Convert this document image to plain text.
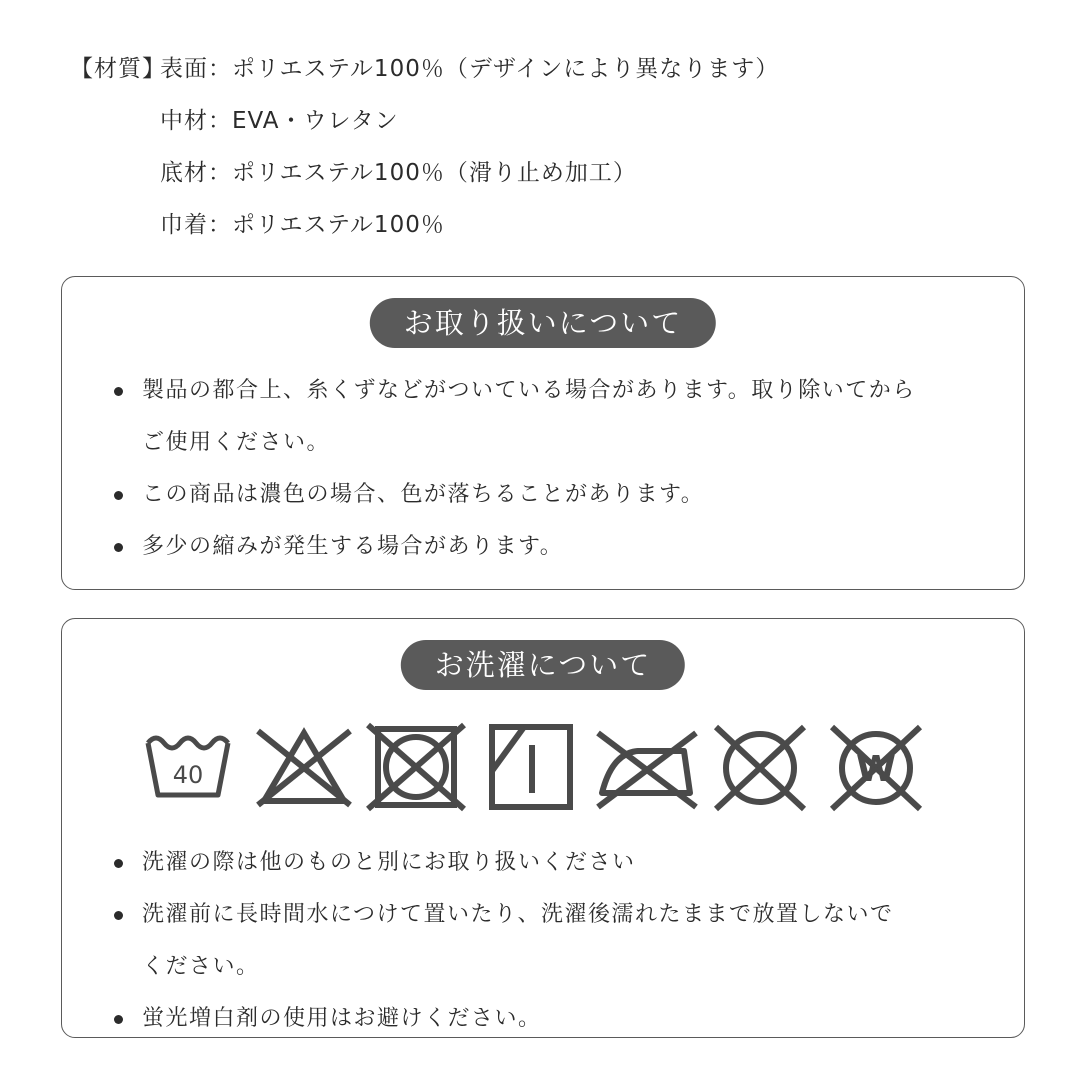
【材質】表面：ポリエステル100％（デザインにより異なります）
中材：EVA・ウレタン
底材：ポリエステル100％（滑り止め加工）
巾着：ポリエステル100％
お取り扱いについて
製品の都合上、糸くずなどがついている場合があります。取り除いてから
ご使用ください。
この商品は濃色の場合、色が落ちることがあります。
多少の縮みが発生する場合があります。
お洗濯について
40	W
洗濯の際は他のものと別にお取り扱いください
洗濯前に長時間水につけて置いたり、洗濯後濡れたままで放置しないで
ください。
蛍光増白剤の使用はお避けください。
